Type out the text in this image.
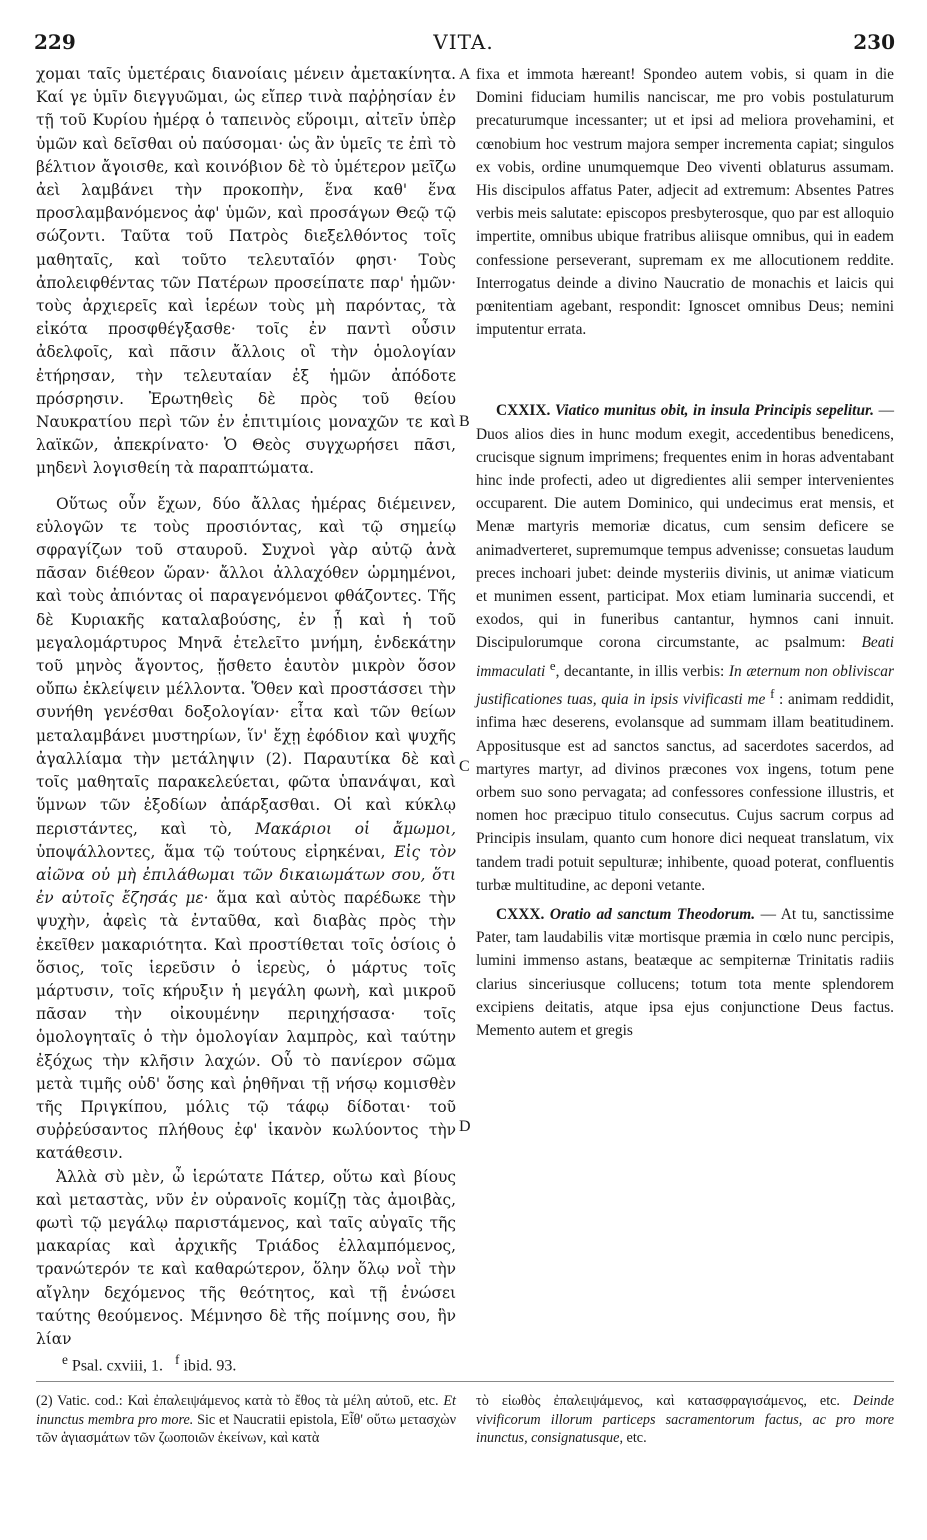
229	VITA.	230

χομαι ταῖς ὑμετέραις διανοίαις μένειν ἀμετακίνητα. Καί γε ὑμῖν διεγγυῶμαι, ὡς εἴπερ τινὰ παῤῥησίαν ἐν τῇ τοῦ Κυρίου ἡμέρᾳ ὁ ταπεινὸς εὕροιμι, αἰτεῖν ὑπὲρ ὑμῶν καὶ δεῖσθαι οὐ παύσομαι· ὡς ἂν ὑμεῖς τε ἐπὶ τὸ βέλτιον ἄγοισθε, καὶ κοινόβιον δὲ τὸ ὑμέτερον μεῖζω ἀεὶ λαμβάνει τὴν προκοπὴν, ἕνα καθ' ἕνα προσλαμβανόμενος ἀφ' ὑμῶν, καὶ προσάγων Θεῷ τῷ σώζοντι. Ταῦτα τοῦ Πατρὸς διεξελθόντος τοῖς μαθηταῖς, καὶ τοῦτο τελευταῖόν φησι· Τοὺς ἀπολειφθέντας τῶν Πατέρων προσείπατε παρ' ἡμῶν· τοὺς ἀρχιερεῖς καὶ ἱερέων τοὺς μὴ παρόντας, τὰ εἰκότα προσφθέγξασθε· τοῖς ἐν παντὶ οὖσιν ἀδελφοῖς, καὶ πᾶσιν ἄλλοις οἳ τὴν ὁμολογίαν ἐτήρησαν, τὴν τελευταίαν ἐξ ἡμῶν ἀπόδοτε πρόσρησιν. Ἐρωτηθεὶς δὲ πρὸς τοῦ θείου Ναυκρατίου περὶ τῶν ἐν ἐπιτιμίοις μοναχῶν τε καὶ λαϊκῶν, ἀπεκρίνατο· Ὁ Θεὸς συγχωρήσει πᾶσι, μηδενὶ λογισθείη τὰ παραπτώματα.

Οὕτως οὖν ἔχων, δύο ἄλλας ἡμέρας διέμεινεν, εὐλογῶν τε τοὺς προσιόντας, καὶ τῷ σημείῳ σφραγίζων τοῦ σταυροῦ. Συχνοὶ γὰρ αὐτῷ ἀνὰ πᾶσαν διέθεον ὥραν· ἄλλοι ἀλλαχόθεν ὡρμημένοι, καὶ τοὺς ἀπιόντας οἱ παραγενόμενοι φθάζοντες. Τῆς δὲ Κυριακῆς καταλαβούσης, ἐν ᾗ καὶ ἡ τοῦ μεγαλομάρτυρος Μηνᾶ ἐτελεῖτο μνήμη, ἑνδεκάτην τοῦ μηνὸς ἄγοντος, ᾔσθετο ἑαυτὸν μικρὸν ὅσον οὔπω ἐκλείψειν μέλλοντα. Ὅθεν καὶ προστάσσει τὴν συνήθη γενέσθαι δοξολογίαν· εἶτα καὶ τῶν θείων μεταλαμβάνει μυστηρίων, ἵν' ἔχῃ ἐφόδιον καὶ ψυχῆς ἀγαλλίαμα τὴν μετάληψιν (2). Παραυτίκα δὲ καὶ τοῖς μαθηταῖς παρακελεύεται, φῶτα ὑπανάψαι, καὶ ὕμνων τῶν ἐξοδίων ἀπάρξασθαι. Οἱ καὶ κύκλῳ περιστάντες, καὶ τὸ, Μακάριοι οἱ ἄμωμοι, ὑποψάλλοντες, ἅμα τῷ τούτους εἰρηκέναι, Εἰς τὸν αἰῶνα οὐ μὴ ἐπιλάθωμαι τῶν δικαιωμάτων σου, ὅτι ἐν αὐτοῖς ἔζησάς με· ἅμα καὶ αὐτὸς παρέδωκε τὴν ψυχὴν, ἀφεὶς τὰ ἐνταῦθα, καὶ διαβὰς πρὸς τὴν ἐκεῖθεν μακαριότητα. Καὶ προστίθεται τοῖς ὁσίοις ὁ ὅσιος, τοῖς ἱερεῦσιν ὁ ἱερεὺς, ὁ μάρτυς τοῖς μάρτυσιν, τοῖς κήρυξιν ἡ μεγάλη φωνὴ, καὶ μικροῦ πᾶσαν τὴν οἰκουμένην περιηχήσασα· τοῖς ὁμολογηταῖς ὁ τὴν ὁμολογίαν λαμπρὸς, καὶ ταύτην ἐξόχως τὴν κλῆσιν λαχών. Οὗ τὸ πανίερον σῶμα μετὰ τιμῆς οὐδ' ὅσης καὶ ῥηθῆναι τῇ νήσῳ κομισθὲν τῆς Πριγκίπου, μόλις τῷ τάφῳ δίδοται· τοῦ συῤῥεύσαντος πλήθους ἐφ' ἱκανὸν κωλύοντος τὴν κατάθεσιν.

Ἀλλὰ σὺ μὲν, ὦ ἱερώτατε Πάτερ, οὕτω καὶ βίους καὶ μεταστὰς, νῦν ἐν οὐρανοῖς κομίζῃ τὰς ἀμοιβὰς, φωτὶ τῷ μεγάλῳ παριστάμενος, καὶ ταῖς αὐγαῖς τῆς μακαρίας καὶ ἀρχικῆς Τριάδος ἐλλαμπόμενος, τρανώτερόν τε καὶ καθαρώτερον, ὅλην ὅλῳ νοῒ τὴν αἴγλην δεχόμενος τῆς θεότητος, καὶ τῇ ἑνώσει ταύτης θεούμενος. Μέμνησο δὲ τῆς ποίμνης σου, ἣν λίαν

A
B
C
D

fixa et immota hæreant! Spondeo autem vobis, si quam in die Domini fiduciam humilis nanciscar, me pro vobis postulaturum precaturumque incessanter; ut et ipsi ad meliora provehamini, et cœnobium hoc vestrum majora semper incrementa capiat; singulos ex vobis, ordine unumquemque Deo viventi oblaturus assumam. His discipulos affatus Pater, adjecit ad extremum: Absentes Patres verbis meis salutate: episcopos presbyterosque, quo par est alloquio impertite, omnibus ubique fratribus aliisque omnibus, qui in eadem confessione perseverant, supremam ex me allocutionem reddite. Interrogatus deinde a divino Naucratio de monachis et laicis qui pœnitentiam agebant, respondit: Ignoscet omnibus Deus; nemini imputentur errata.

CXXIX. Viatico munitus obit, in insula Principis sepelitur. — Duos alios dies in hunc modum exegit, accedentibus benedicens, crucisque signum imprimens; frequentes enim in horas adventabant hinc inde profecti, adeo ut digredientes alii semper intervenientes occuparent. Die autem Dominico, qui undecimus erat mensis, et Menæ martyris memoriæ dicatus, cum sensim deficere se animadverteret, supremumque tempus advenisse; consuetas laudum preces inchoari jubet: deinde mysteriis divinis, ut animæ viaticum et munimen essent, participat. Mox etiam luminaria succendi, et exodos, qui in funeribus cantantur, hymnos cani innuit. Discipulorumque corona circumstante, ac psalmum: Beati immaculati $^e$, decantante, in illis verbis: In æternum non obliviscar justificationes tuas, quia in ipsis vivificasti me $^f$ : animam reddidit, infima hæc deserens, evolansque ad summam illam beatitudinem. Appositusque est ad sanctos sanctus, ad sacerdotes sacerdos, ad martyres martyr, ad divinos præcones vox ingens, totum pene orbem suo sono pervagata; ad confessores confessione illustris, et nomen hoc præcipuo titulo consecutus. Cujus sacrum corpus ad Principis insulam, quanto cum honore dici nequeat translatum, vix tandem tradi potuit sepulturæ; inhibente, quoad poterat, confluentis turbæ multitudine, ac deponi vetante.

CXXX. Oratio ad sanctum Theodorum. — At tu, sanctissime Pater, tam laudabilis vitæ mortisque præmia in cœlo nunc percipis, lumini immenso astans, beatæque ac sempiternæ Trinitatis radiis clarius sinceriusque collucens; totum tota mente splendorem excipiens deitatis, atque ipsa ejus conjunctione Deus factus. Memento autem et gregis

$^e$ Psal. cxviii, 1. $^f$ ibid. 93.

(2) Vatic. cod.: Καὶ ἐπαλειψάμενος κατὰ τὸ ἔθος τὰ μέλη αὐτοῦ, etc. Et inunctus membra pro more. Sic et Naucratii epistola, Εἶθ' οὕτω μετασχὼν τῶν ἁγιασμάτων τῶν ζωοποιῶν ἐκείνων, καὶ κατὰ

τὸ εἰωθὸς ἐπαλειψάμενος, καὶ κατασφραγισάμενος, etc. Deinde vivificorum illorum particeps sacramentorum factus, ac pro more inunctus, consignatusque, etc.
